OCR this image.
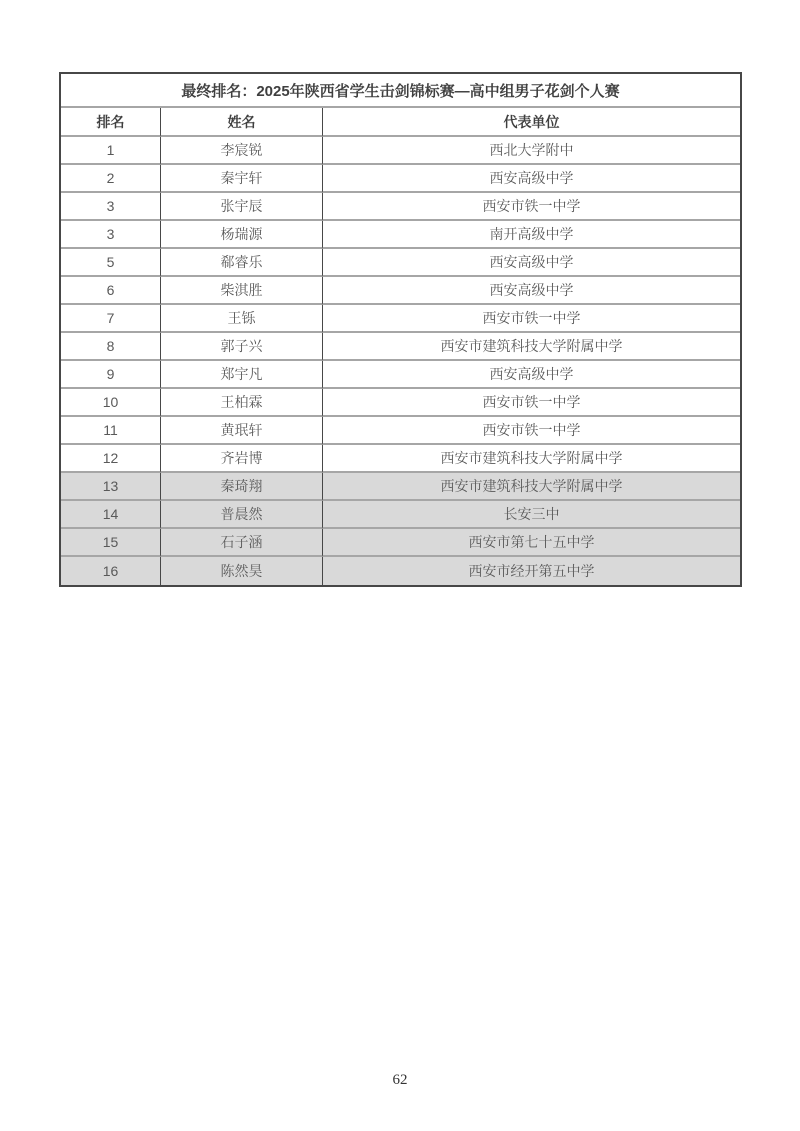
最终排名：2025年陕西省学生击剑锦标赛—高中组男子花剑个人赛		
排名	姓名	代表单位
1	李宸锐	西北大学附中
2	秦宇轩	西安高级中学
3	张宇辰	西安市铁一中学
3	杨瑞源	南开高级中学
5	郗睿乐	西安高级中学
6	柴淇胜	西安高级中学
7	王铄	西安市铁一中学
8	郭子兴	西安市建筑科技大学附属中学
9	郑宇凡	西安高级中学
10	王柏霖	西安市铁一中学
11	黄珉轩	西安市铁一中学
12	齐岩博	西安市建筑科技大学附属中学
13	秦琦翔	西安市建筑科技大学附属中学
14	普晨然	长安三中
15	石子涵	西安市第七十五中学
16	陈然昊	西安市经开第五中学
62
